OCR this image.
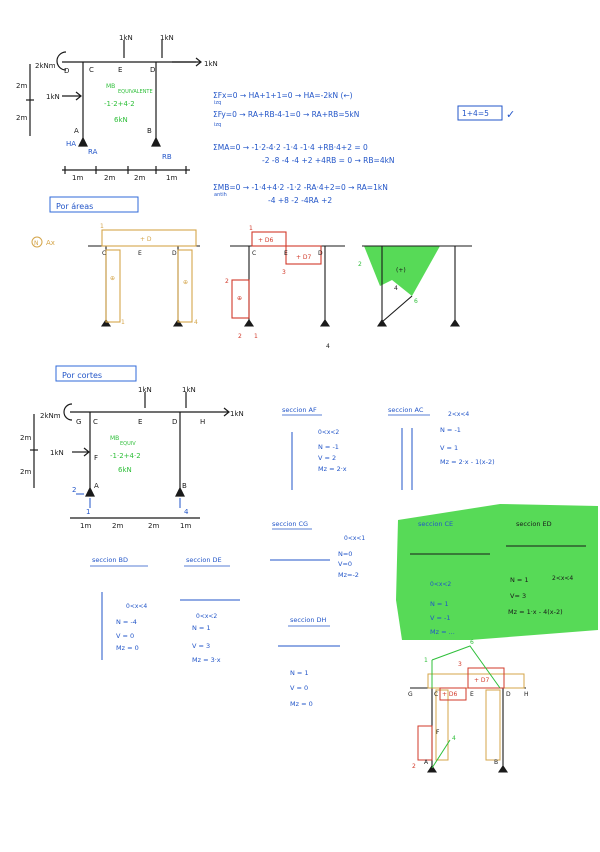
2kNm
1kN	1kN
1kN
1kN
2m
2m
D	C	E	D
A	B
HA
RA
RB
1m	2m	2m	1m
MB
EQUIVALENTE
-1·2+4·2
6kN
ΣFx=0 → HA+1+1=0 → HA=-2kN (←)
izq
ΣFy=0 → RA+RB-4-1=0 → RA+RB=5kN	1+4=5 ✓
izq
ΣMA=0 → -1·2-4·2 -1·4 -1·4 +RB·4+2 = 0
-2 -8 -4 -4 +2 +4RB = 0 → RB=4kN
ΣMB=0 → -1·4+4·2 -1·2 -RA·4+2=0 → RA=1kN
antih
-4 +8 -2 -4RA +2
Por áreas
N Ax
1
+ D
⊕
⊕
4
1
C	E	D
1
+ D6
+ D7
3
2
⊕
2 1
4
C	E	D
2
4
6
(+)
Por cortes
2kNm
1kN	1kN
1kN
1kN
2m
2m
G C	E	D	H
F
A	B
1m	2m	2m	1m
MB
EQUIV
-1·2+4·2
6kN
1	4
2
seccion AF
0<x<2
N = -1
V = 2
Mz = 2·x
seccion AC
2<x<4
N = -1
V = 1
Mz = 2·x - 1(x-2)
seccion CG
0<x<1
N=0
V=0
Mz=-2
seccion CE
0<x<2
N = 1
V = -1
Mz = ...
seccion ED
2<x<4
N = 1
V= 3
Mz = 1·x - 4(x-2)
seccion BD
0<x<4
N = -4
V = 0
Mz = 0
seccion DE
0<x<2
N = 1
V = 3
Mz = 3·x
seccion DH
N = 1
V = 0
Mz = 0
6
3
1
2
4
+ D6
+ D7
G	C	E	D H
A	B
F
